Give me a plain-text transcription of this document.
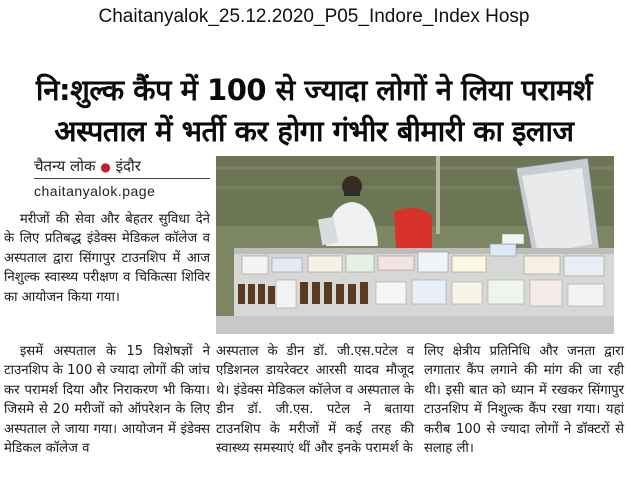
Chaitanyalok_25.12.2020_P05_Indore_Index Hosp
नि:शुल्क कैंप में 100 से ज्यादा लोगों ने लिया परामर्श
अस्पताल में भर्ती कर होगा गंभीर बीमारी का इलाज
चैतन्य लोक ● इंदौर
chaitanyalok.page

मरीजों की सेवा और बेहतर सुविधा देने के लिए प्रतिबद्ध इंडेक्स मेडिकल कॉलेज व अस्पताल द्वारा सिंगापुर टाउनशिप में आज निशुल्क स्वास्थ्य परीक्षण व चिकित्सा शिविर का आयोजन किया गया।

इसमें अस्पताल के 15 विशेषज्ञों ने टाउनशिप के 100 से ज्यादा लोगों की जांच कर परामर्श दिया और निराकरण भी किया। जिसमे से 20 मरीजों को ऑपरेशन के लिए अस्पताल ले जाया गया। आयोजन में इंडेक्स मेडिकल कॉलेज व

अस्पताल के डीन डॉ. जी.एस.पटेल व एडिशनल डायरेक्टर आरसी यादव मौजूद थे। इंडेक्स मेडिकल कॉलेज व अस्पताल के डीन डॉ. जी.एस. पटेल ने बताया टाउनशिप के मरीजों में कई तरह की स्वास्थ्य समस्याएं थीं और इनके परामर्श के

लिए क्षेत्रीय प्रतिनिधि और जनता द्वारा लगातार कैंप लगाने की मांग की जा रही थी। इसी बात को ध्यान में रखकर सिंगापुर टाउनशिप में निशुल्क कैंप रखा गया। यहां करीब 100 से ज्यादा लोगों ने डॉक्टरों से सलाह ली।
